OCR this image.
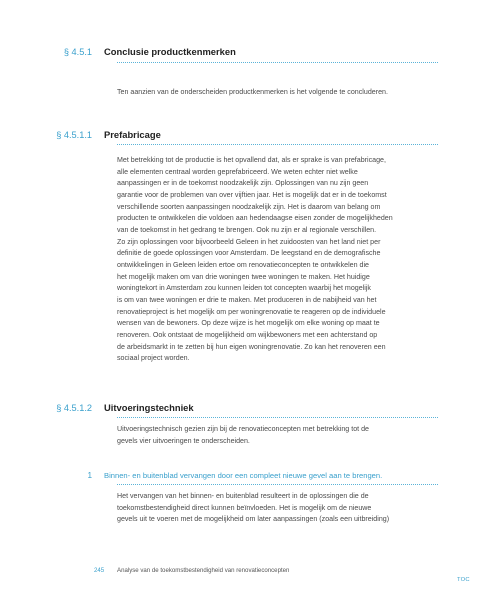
§ 4.5.1	Conclusie productkenmerken

Ten aanzien van de onderscheiden productkenmerken is het volgende te concluderen.

§ 4.5.1.1	Prefabricage

Met betrekking tot de productie is het opvallend dat, als er sprake is van prefabricage,

alle elementen centraal worden geprefabriceerd. We weten echter niet welke

aanpassingen er in de toekomst noodzakelijk zijn. Oplossingen van nu zijn geen

garantie voor de problemen van over vijftien jaar. Het is mogelijk dat er in de toekomst

verschillende soorten aanpassingen noodzakelijk zijn. Het is daarom van belang om

producten te ontwikkelen die voldoen aan hedendaagse eisen zonder de mogelijkheden

van de toekomst in het gedrang te brengen. Ook nu zijn er al regionale verschillen.

Zo zijn oplossingen voor bijvoorbeeld Geleen in het zuidoosten van het land niet per

definitie de goede oplossingen voor Amsterdam. De leegstand en de demografische

ontwikkelingen in Geleen leiden ertoe om renovatieconcepten te ontwikkelen die

het mogelijk maken om van drie woningen twee woningen te maken. Het huidige

woningtekort in Amsterdam zou kunnen leiden tot concepten waarbij het mogelijk

is om van twee woningen er drie te maken. Met produceren in de nabijheid van het

renovatieproject is het mogelijk om per woningrenovatie te reageren op de individuele

wensen van de bewoners. Op deze wijze is het mogelijk om elke woning op maat te

renoveren. Ook ontstaat de mogelijkheid om wijkbewoners met een achterstand op

de arbeidsmarkt in te zetten bij hun eigen woningrenovatie. Zo kan het renoveren een

sociaal project worden.

§ 4.5.1.2	Uitvoeringstechniek

Uitvoeringstechnisch gezien zijn bij de renovatieconcepten met betrekking tot de

gevels vier uitvoeringen te onderscheiden.

1	Binnen- en buitenblad vervangen door een compleet nieuwe gevel aan te brengen.

Het vervangen van het binnen- en buitenblad resulteert in de oplossingen die de

toekomstbestendigheid direct kunnen beïnvloeden. Het is mogelijk om de nieuwe

gevels uit te voeren met de mogelijkheid om later aanpassingen (zoals een uitbreiding)

245 Analyse van de toekomstbestendigheid van renovatieconcepten
TOC
